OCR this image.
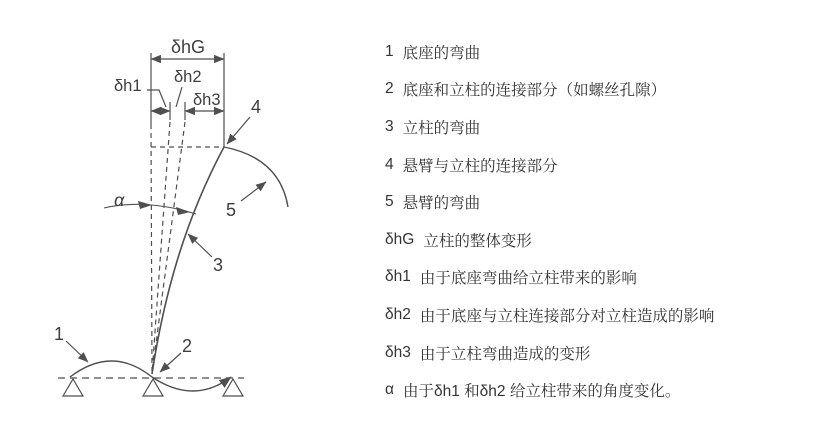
δhG
δh1 δh2
δh3
α
1
2
3
4
5
1 底座的弯曲
2 底座和立柱的连接部分（如螺丝孔隙）
3 立柱的弯曲
4 悬臂与立柱的连接部分
5 悬臂的弯曲
δhG 立柱的整体变形
δh1 由于底座弯曲给立柱带来的影响
δh2 由于底座与立柱连接部分对立柱造成的影响
δh3 由于立柱弯曲造成的变形
α 由于δh1 和δh2 给立柱带来的角度变化。
